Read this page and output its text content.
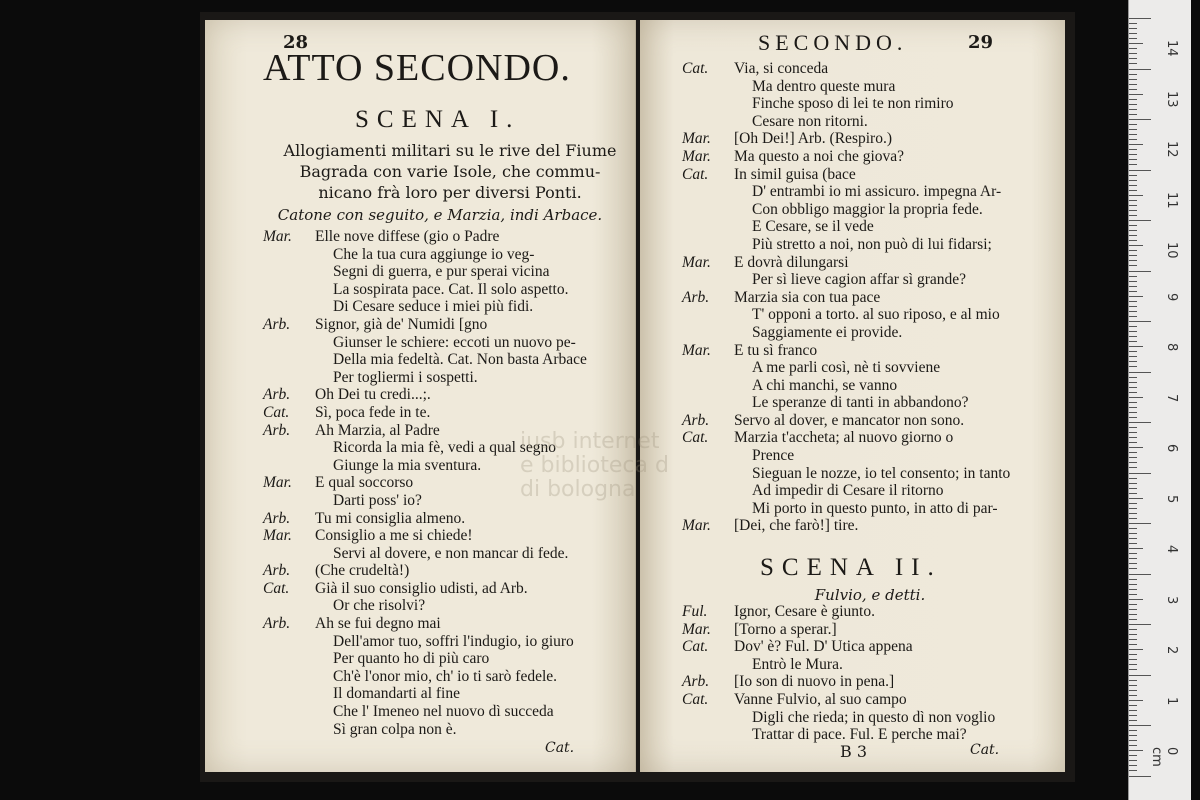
28
ATTO SECONDO.
SCENA I.
Allogiamenti militari su le rive del Fiume
Bagrada con varie Isole, che commu-
nicano frà loro per diversi Ponti.
Catone con seguito, e Marzia, indi Arbace.
Mar. Elle nove diffese (gio o Padre
Che la tua cura aggiunge io veg-
Segni di guerra, e pur sperai vicina
La sospirata pace. Cat. Il solo aspetto.
Di Cesare seduce i miei più fidi.
Arb. Signor, già de' Numidi [gno
Giunser le schiere: eccoti un nuovo pe-
Della mia fedeltà. Cat. Non basta Arbace
Per togliermi i sospetti.
Arb. Oh Dei tu credi...;.
Cat. Sì, poca fede in te.
Arb. Ah Marzia, al Padre
Ricorda la mia fè, vedi a qual segno
Giunge la mia sventura.
Mar. E qual soccorso
Darti poss' io?
Arb. Tu mi consiglia almeno.
Mar. Consiglio a me si chiede!
Servi al dovere, e non mancar di fede.
Arb. (Che crudeltà!)
Cat. Già il suo consiglio udisti, ad Arb.
Or che risolvi?
Arb. Ah se fui degno mai
Dell'amor tuo, soffri l'indugio, io giuro
Per quanto ho di più caro
Ch'è l'onor mio, ch' io ti sarò fedele.
Il domandarti al fine
Che l' Imeneo nel nuovo dì succeda
Sì gran colpa non è.
Cat.
SECONDO.	29
Cat. Via, si conceda
Ma dentro queste mura
Finche sposo di lei te non rimiro
Cesare non ritorni.
Mar. [Oh Dei!] Arb. (Respiro.)
Mar. Ma questo a noi che giova?
Cat. In simil guisa (bace
D' entrambi io mi assicuro. impegna Ar-
Con obbligo maggior la propria fede.
E Cesare, se il vede
Più stretto a noi, non può di lui fidarsi;
Mar. E dovrà dilungarsi
Per sì lieve cagion affar sì grande?
Arb. Marzia sia con tua pace
T' opponi a torto. al suo riposo, e al mio
Saggiamente ei provide.
Mar. E tu sì franco
A me parli così, nè ti sovviene
A chi manchi, se vanno
Le speranze di tanti in abbandono?
Arb. Servo al dover, e mancator non sono.
Cat. Marzia t'accheta; al nuovo giorno o
Prence
Sieguan le nozze, io tel consento; in tanto
Ad impedir di Cesare il ritorno
Mi porto in questo punto, in atto di par-
Mar. [Dei, che farò!] tire.
SCENA II.
Fulvio, e detti.
Ful. Ignor, Cesare è giunto.
Mar. [Torno a sperar.]
Cat. Dov' è? Ful. D' Utica appena
Entrò le Mura.
Arb. [Io son di nuovo in pena.]
Cat. Vanne Fulvio, al suo campo
Digli che rieda; in questo dì non voglio
Trattar di pace. Ful. E perche mai?
B 3	Cat.
iusb internet
e biblioteca d
di bologna
14
13
12
11
10
9
8
7
6
5
4
3
2
1
0 cm
